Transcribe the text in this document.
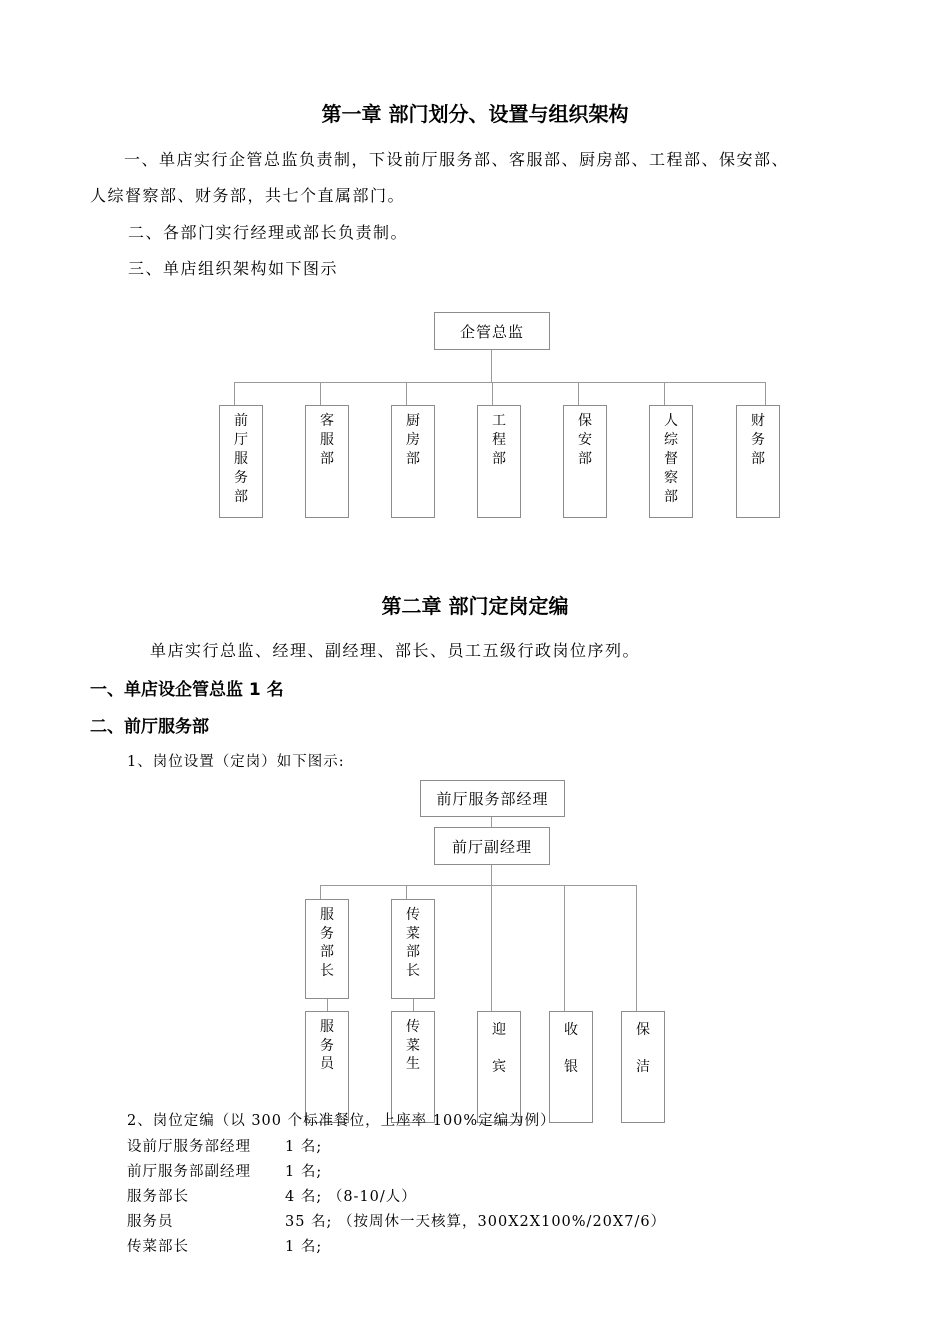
第一章 部门划分、设置与组织架构
一、单店实行企管总监负责制，下设前厅服务部、客服部、厨房部、工程部、保安部、
人综督察部、财务部，共七个直属部门。
二、各部门实行经理或部长负责制。
三、单店组织架构如下图示
企管总监
前
厅
服
务
部
客
服
部
厨
房
部
工
程
部
保
安
部
人
综
督
察
部
财
务
部
第二章 部门定岗定编
单店实行总监、经理、副经理、部长、员工五级行政岗位序列。
一、单店设企管总监 1 名
二、前厅服务部
1、岗位设置（定岗）如下图示:
前厅服务部经理
前厅副经理
服
务
部
长
传
菜
部
长
服
务
员
传
菜
生
迎
宾
收
银
保
洁
2、岗位定编（以 300 个标准餐位，上座率 100%定编为例）
设前厅服务部经理 1 名;
前厅服务部副经理 1 名;
服务部长	4 名; （8-10/人）
服务员	35 名; （按周休一天核算，300X2X100%/20X7/6）
传菜部长	1 名;
